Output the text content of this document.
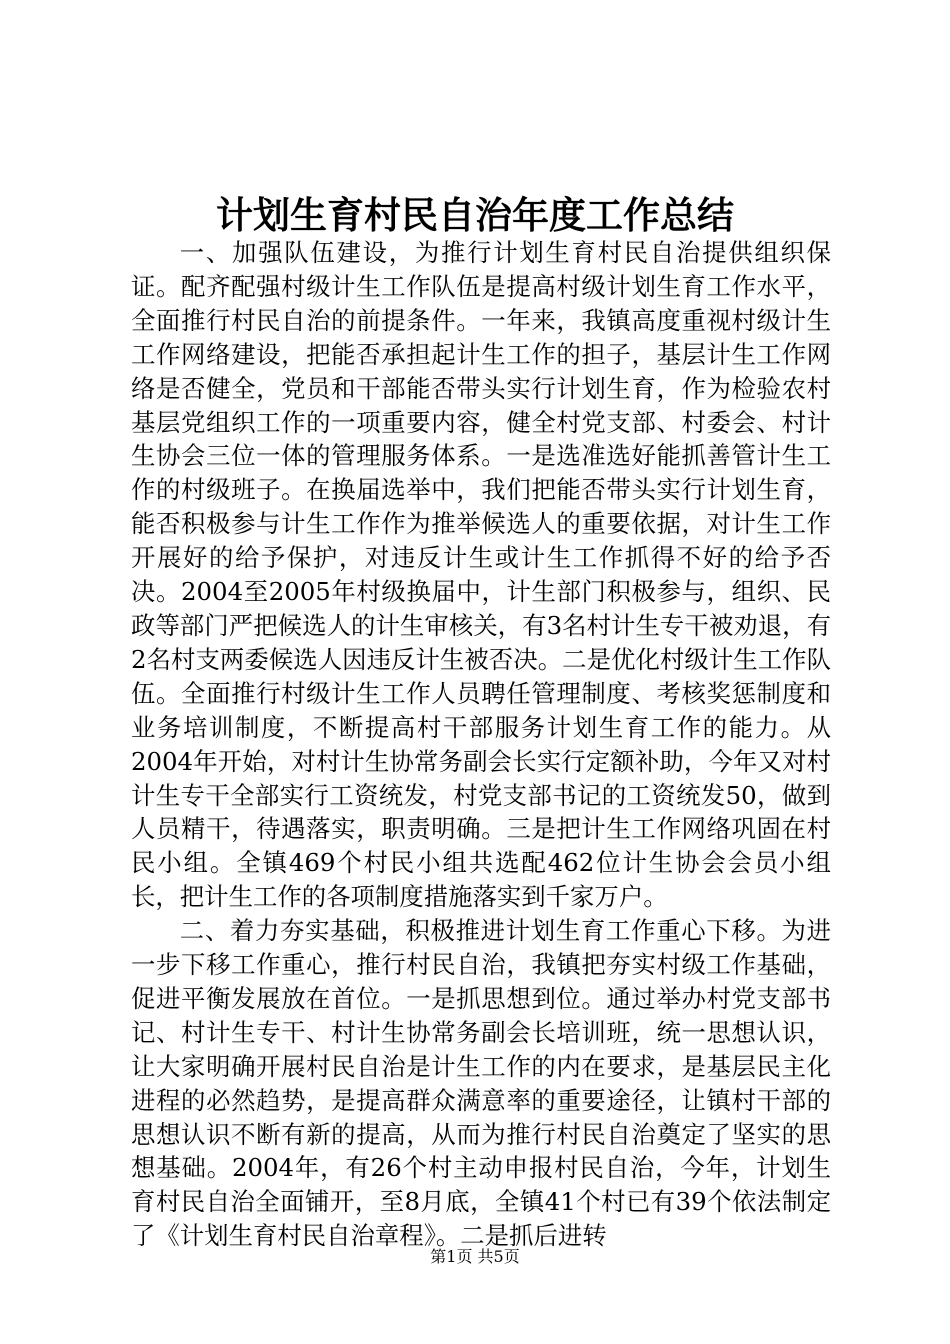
计划生育村民自治年度工作总结

一、加强队伍建设，为推行计划生育村民自治提供组织保证。配齐配强村级计生工作队伍是提高村级计划生育工作水平，全面推行村民自治的前提条件。一年来，我镇高度重视村级计生工作网络建设，把能否承担起计生工作的担子，基层计生工作网络是否健全，党员和干部能否带头实行计划生育，作为检验农村基层党组织工作的一项重要内容，健全村党支部、村委会、村计生协会三位一体的管理服务体系。一是选准选好能抓善管计生工作的村级班子。在换届选举中，我们把能否带头实行计划生育，能否积极参与计生工作作为推举候选人的重要依据，对计生工作开展好的给予保护，对违反计生或计生工作抓得不好的给予否决。2004至2005年村级换届中，计生部门积极参与，组织、民政等部门严把候选人的计生审核关，有3名村计生专干被劝退，有2名村支两委候选人因违反计生被否决。二是优化村级计生工作队伍。全面推行村级计生工作人员聘任管理制度、考核奖惩制度和业务培训制度，不断提高村干部服务计划生育工作的能力。从2004年开始，对村计生协常务副会长实行定额补助，今年又对村计生专干全部实行工资统发，村党支部书记的工资统发50，做到人员精干，待遇落实，职责明确。三是把计生工作网络巩固在村民小组。全镇469个村民小组共选配462位计生协会会员小组长，把计生工作的各项制度措施落实到千家万户。

二、着力夯实基础，积极推进计划生育工作重心下移。为进一步下移工作重心，推行村民自治，我镇把夯实村级工作基础，促进平衡发展放在首位。一是抓思想到位。通过举办村党支部书记、村计生专干、村计生协常务副会长培训班，统一思想认识，让大家明确开展村民自治是计生工作的内在要求，是基层民主化进程的必然趋势，是提高群众满意率的重要途径，让镇村干部的思想认识不断有新的提高，从而为推行村民自治奠定了坚实的思想基础。2004年，有26个村主动申报村民自治，今年，计划生育村民自治全面铺开，至8月底，全镇41个村已有39个依法制定了《计划生育村民自治章程》。二是抓后进转

第1页 共5页
